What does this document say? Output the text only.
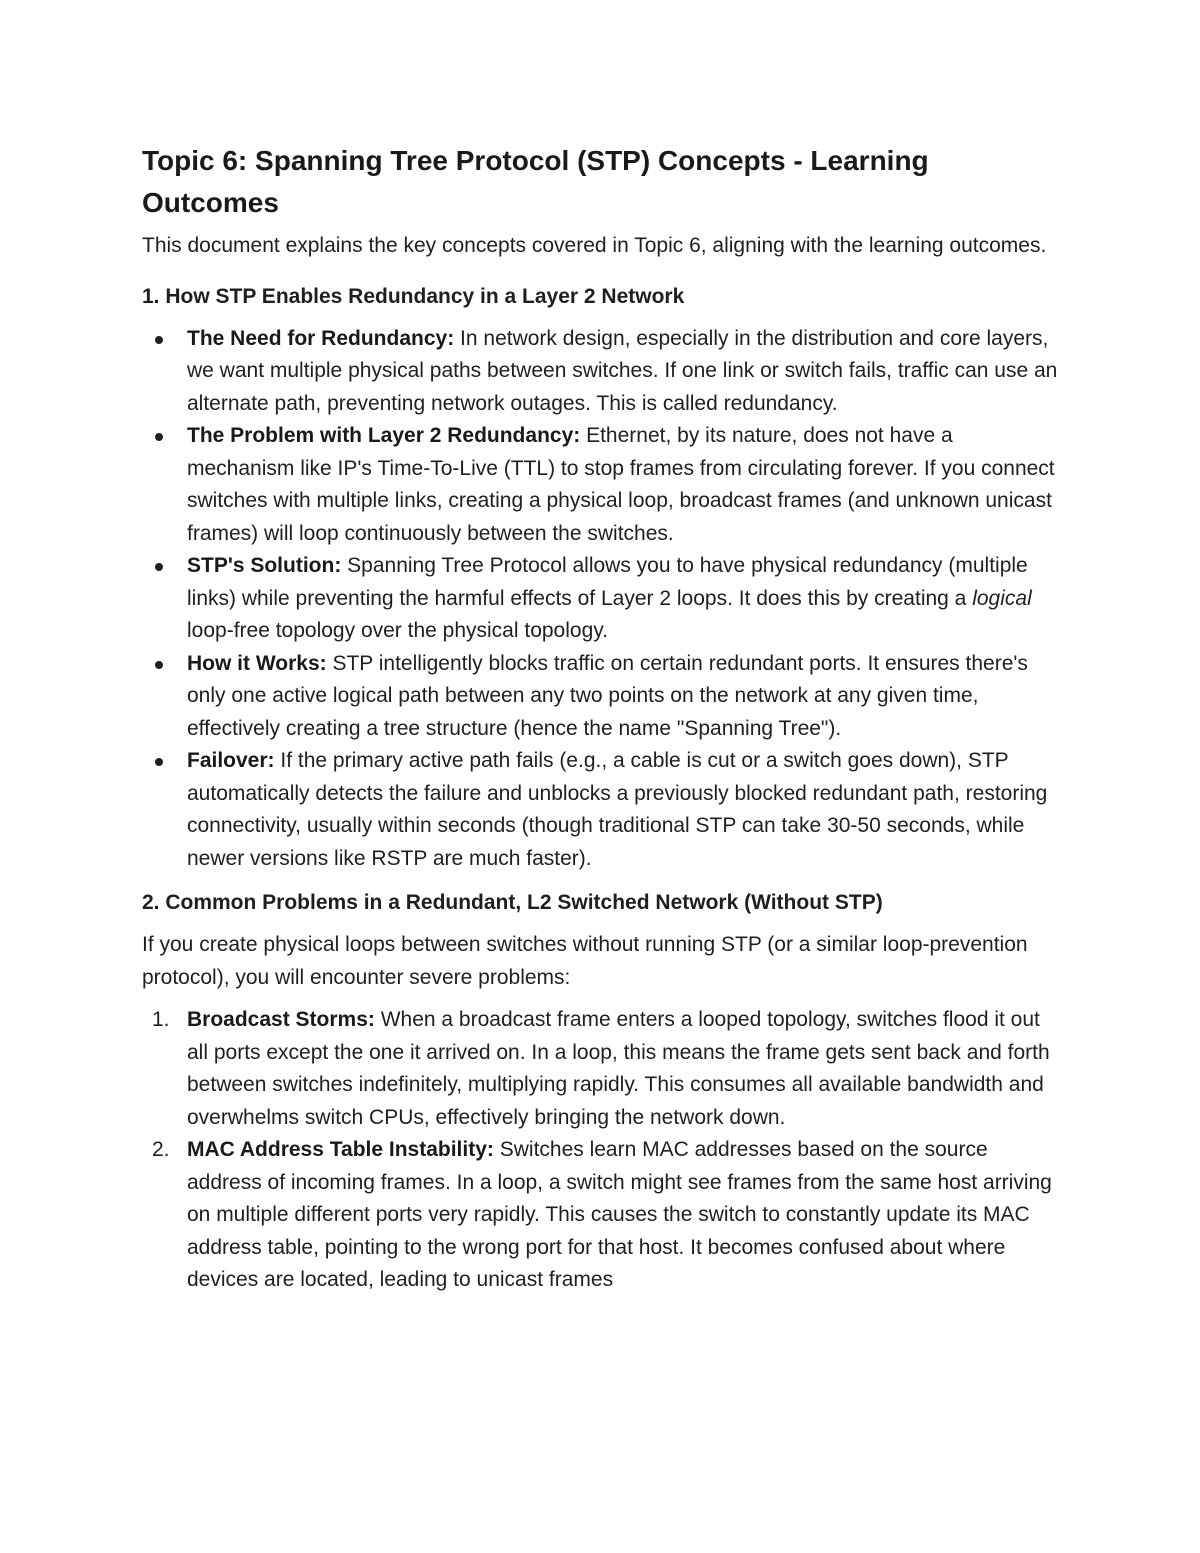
Topic 6: Spanning Tree Protocol (STP) Concepts - Learning Outcomes

This document explains the key concepts covered in Topic 6, aligning with the learning outcomes.

1. How STP Enables Redundancy in a Layer 2 Network
The Need for Redundancy: In network design, especially in the distribution and core layers, we want multiple physical paths between switches. If one link or switch fails, traffic can use an alternate path, preventing network outages. This is called redundancy.
The Problem with Layer 2 Redundancy: Ethernet, by its nature, does not have a mechanism like IP's Time-To-Live (TTL) to stop frames from circulating forever. If you connect switches with multiple links, creating a physical loop, broadcast frames (and unknown unicast frames) will loop continuously between the switches.
STP's Solution: Spanning Tree Protocol allows you to have physical redundancy (multiple links) while preventing the harmful effects of Layer 2 loops. It does this by creating a logical loop-free topology over the physical topology.
How it Works: STP intelligently blocks traffic on certain redundant ports. It ensures there's only one active logical path between any two points on the network at any given time, effectively creating a tree structure (hence the name "Spanning Tree").
Failover: If the primary active path fails (e.g., a cable is cut or a switch goes down), STP automatically detects the failure and unblocks a previously blocked redundant path, restoring connectivity, usually within seconds (though traditional STP can take 30-50 seconds, while newer versions like RSTP are much faster).
2. Common Problems in a Redundant, L2 Switched Network (Without STP)

If you create physical loops between switches without running STP (or a similar loop-prevention protocol), you will encounter severe problems:

1. Broadcast Storms: When a broadcast frame enters a looped topology, switches flood it out all ports except the one it arrived on. In a loop, this means the frame gets sent back and forth between switches indefinitely, multiplying rapidly. This consumes all available bandwidth and overwhelms switch CPUs, effectively bringing the network down.
2. MAC Address Table Instability: Switches learn MAC addresses based on the source address of incoming frames. In a loop, a switch might see frames from the same host arriving on multiple different ports very rapidly. This causes the switch to constantly update its MAC address table, pointing to the wrong port for that host. It becomes confused about where devices are located, leading to unicast frames
